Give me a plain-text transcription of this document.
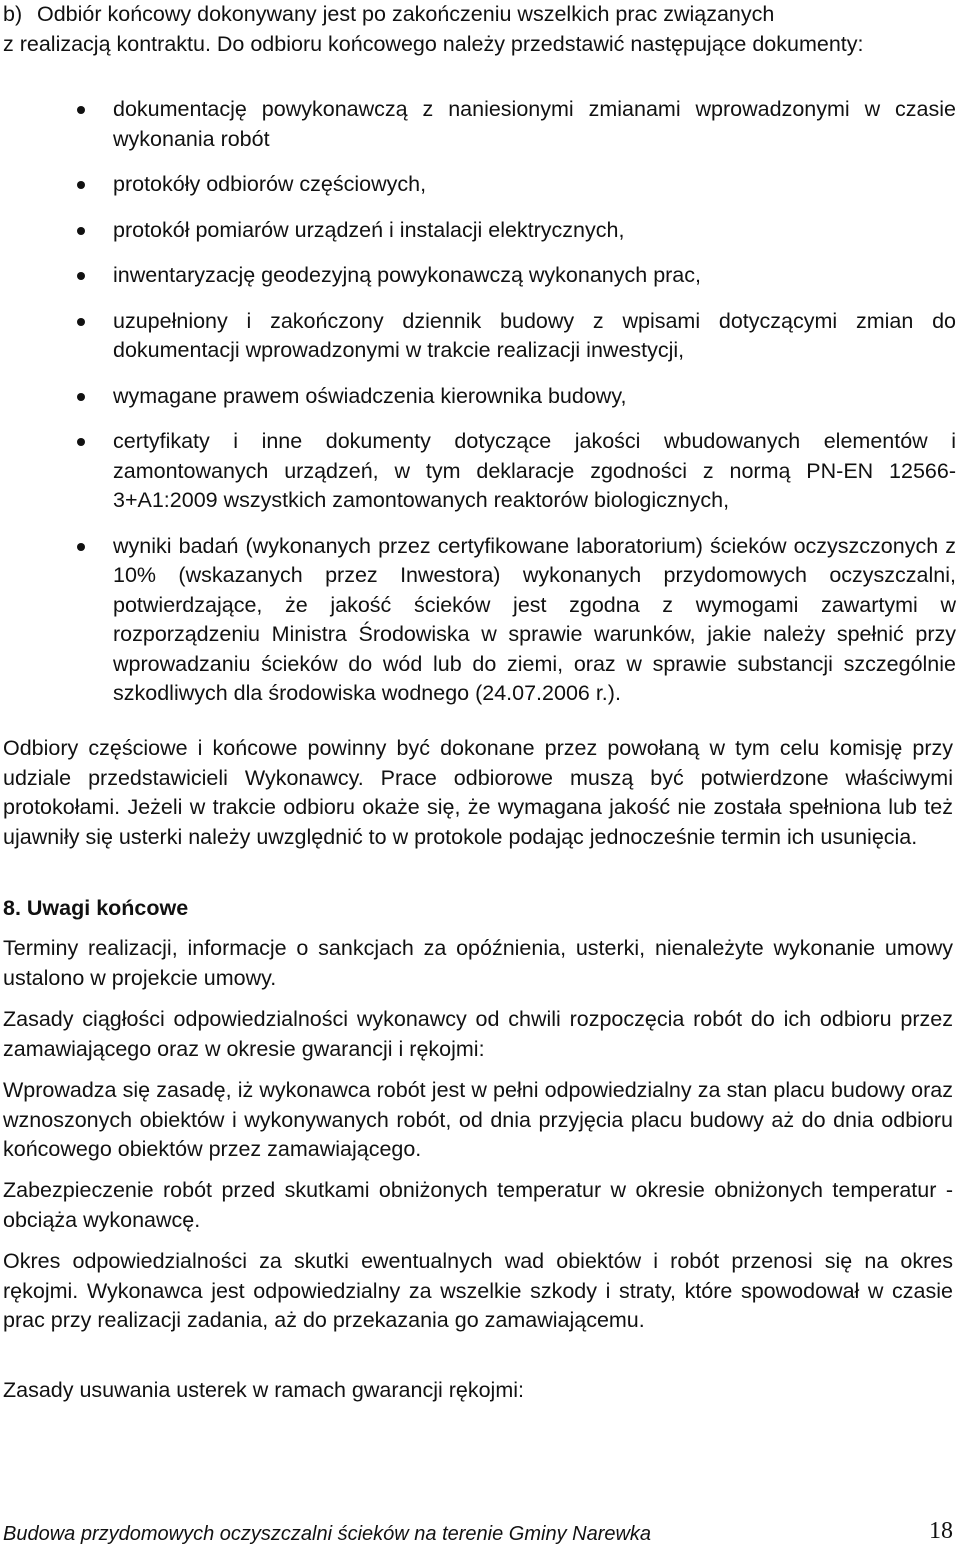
b) Odbiór końcowy dokonywany jest po zakończeniu wszelkich prac związanych
z realizacją kontraktu. Do odbioru końcowego należy przedstawić następujące dokumenty:
dokumentację powykonawczą z naniesionymi zmianami wprowadzonymi w czasie wykonania robót
protokóły odbiorów częściowych,
protokół pomiarów urządzeń i instalacji elektrycznych,
inwentaryzację geodezyjną powykonawczą wykonanych prac,
uzupełniony i zakończony dziennik budowy z wpisami dotyczącymi zmian do dokumentacji wprowadzonymi w trakcie realizacji inwestycji,
wymagane prawem oświadczenia kierownika budowy,
certyfikaty i inne dokumenty dotyczące jakości wbudowanych elementów i zamontowanych urządzeń, w tym deklaracje zgodności z normą PN-EN 12566-3+A1:2009 wszystkich zamontowanych reaktorów biologicznych,
wyniki badań (wykonanych przez certyfikowane laboratorium) ścieków oczyszczonych z 10% (wskazanych przez Inwestora) wykonanych przydomowych oczyszczalni, potwierdzające, że jakość ścieków jest zgodna z wymogami zawartymi w rozporządzeniu Ministra Środowiska w sprawie warunków, jakie należy spełnić przy wprowadzaniu ścieków do wód lub do ziemi, oraz w sprawie substancji szczególnie szkodliwych dla środowiska wodnego (24.07.2006 r.).
Odbiory częściowe i końcowe powinny być dokonane przez powołaną w tym celu komisję przy udziale przedstawicieli Wykonawcy. Prace odbiorowe muszą być potwierdzone właściwymi protokołami. Jeżeli w trakcie odbioru okaże się, że wymagana jakość nie została spełniona lub też ujawniły się usterki należy uwzględnić to w protokole podając jednocześnie termin ich usunięcia.
8. Uwagi końcowe
Terminy realizacji, informacje o sankcjach za opóźnienia, usterki, nienależyte wykonanie umowy ustalono w projekcie umowy.
Zasady ciągłości odpowiedzialności wykonawcy od chwili rozpoczęcia robót do ich odbioru przez zamawiającego oraz w okresie gwarancji i rękojmi:
Wprowadza się zasadę, iż wykonawca robót jest w pełni odpowiedzialny za stan placu budowy oraz wznoszonych obiektów i wykonywanych robót, od dnia przyjęcia placu budowy aż do dnia odbioru końcowego obiektów przez zamawiającego.
Zabezpieczenie robót przed skutkami obniżonych temperatur w okresie obniżonych temperatur - obciąża wykonawcę.
Okres odpowiedzialności za skutki ewentualnych wad obiektów i robót przenosi się na okres rękojmi. Wykonawca jest odpowiedzialny za wszelkie szkody i straty, które spowodował w czasie prac przy realizacji zadania, aż do przekazania go zamawiającemu.
Zasady usuwania usterek w ramach gwarancji rękojmi:
Budowa przydomowych oczyszczalni ścieków na terenie Gminy Narewka	18
